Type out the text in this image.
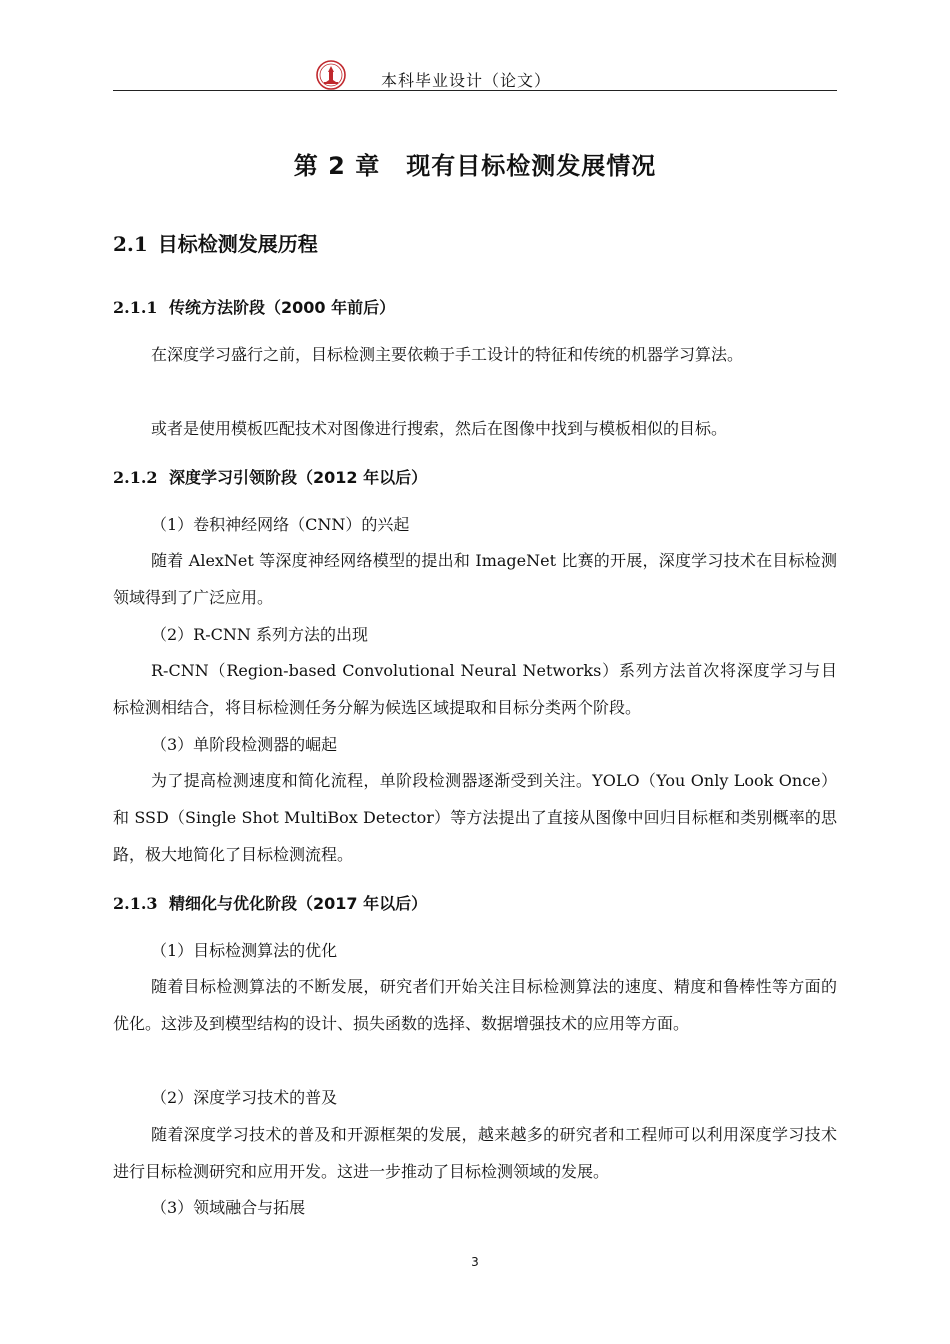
本科毕业设计（论文）
第 2 章 现有目标检测发展情况
2.1 目标检测发展历程
2.1.1 传统方法阶段（2000 年前后）
在深度学习盛行之前，目标检测主要依赖于手工设计的特征和传统的机器学习算法。
或者是使用模板匹配技术对图像进行搜索，然后在图像中找到与模板相似的目标。
2.1.2 深度学习引领阶段（2012 年以后）
（1）卷积神经网络（CNN）的兴起
随着 AlexNet 等深度神经网络模型的提出和 ImageNet 比赛的开展，深度学习技术在目标检测领域得到了广泛应用。
（2）R-CNN 系列方法的出现
R-CNN（Region-based Convolutional Neural Networks）系列方法首次将深度学习与目标检测相结合，将目标检测任务分解为候选区域提取和目标分类两个阶段。
（3）单阶段检测器的崛起
为了提高检测速度和简化流程，单阶段检测器逐渐受到关注。YOLO（You Only Look Once）和 SSD（Single Shot MultiBox Detector）等方法提出了直接从图像中回归目标框和类别概率的思路，极大地简化了目标检测流程。
2.1.3 精细化与优化阶段（2017 年以后）
（1）目标检测算法的优化
随着目标检测算法的不断发展，研究者们开始关注目标检测算法的速度、精度和鲁棒性等方面的优化。这涉及到模型结构的设计、损失函数的选择、数据增强技术的应用等方面。
（2）深度学习技术的普及
随着深度学习技术的普及和开源框架的发展，越来越多的研究者和工程师可以利用深度学习技术进行目标检测研究和应用开发。这进一步推动了目标检测领域的发展。
（3）领域融合与拓展
3
